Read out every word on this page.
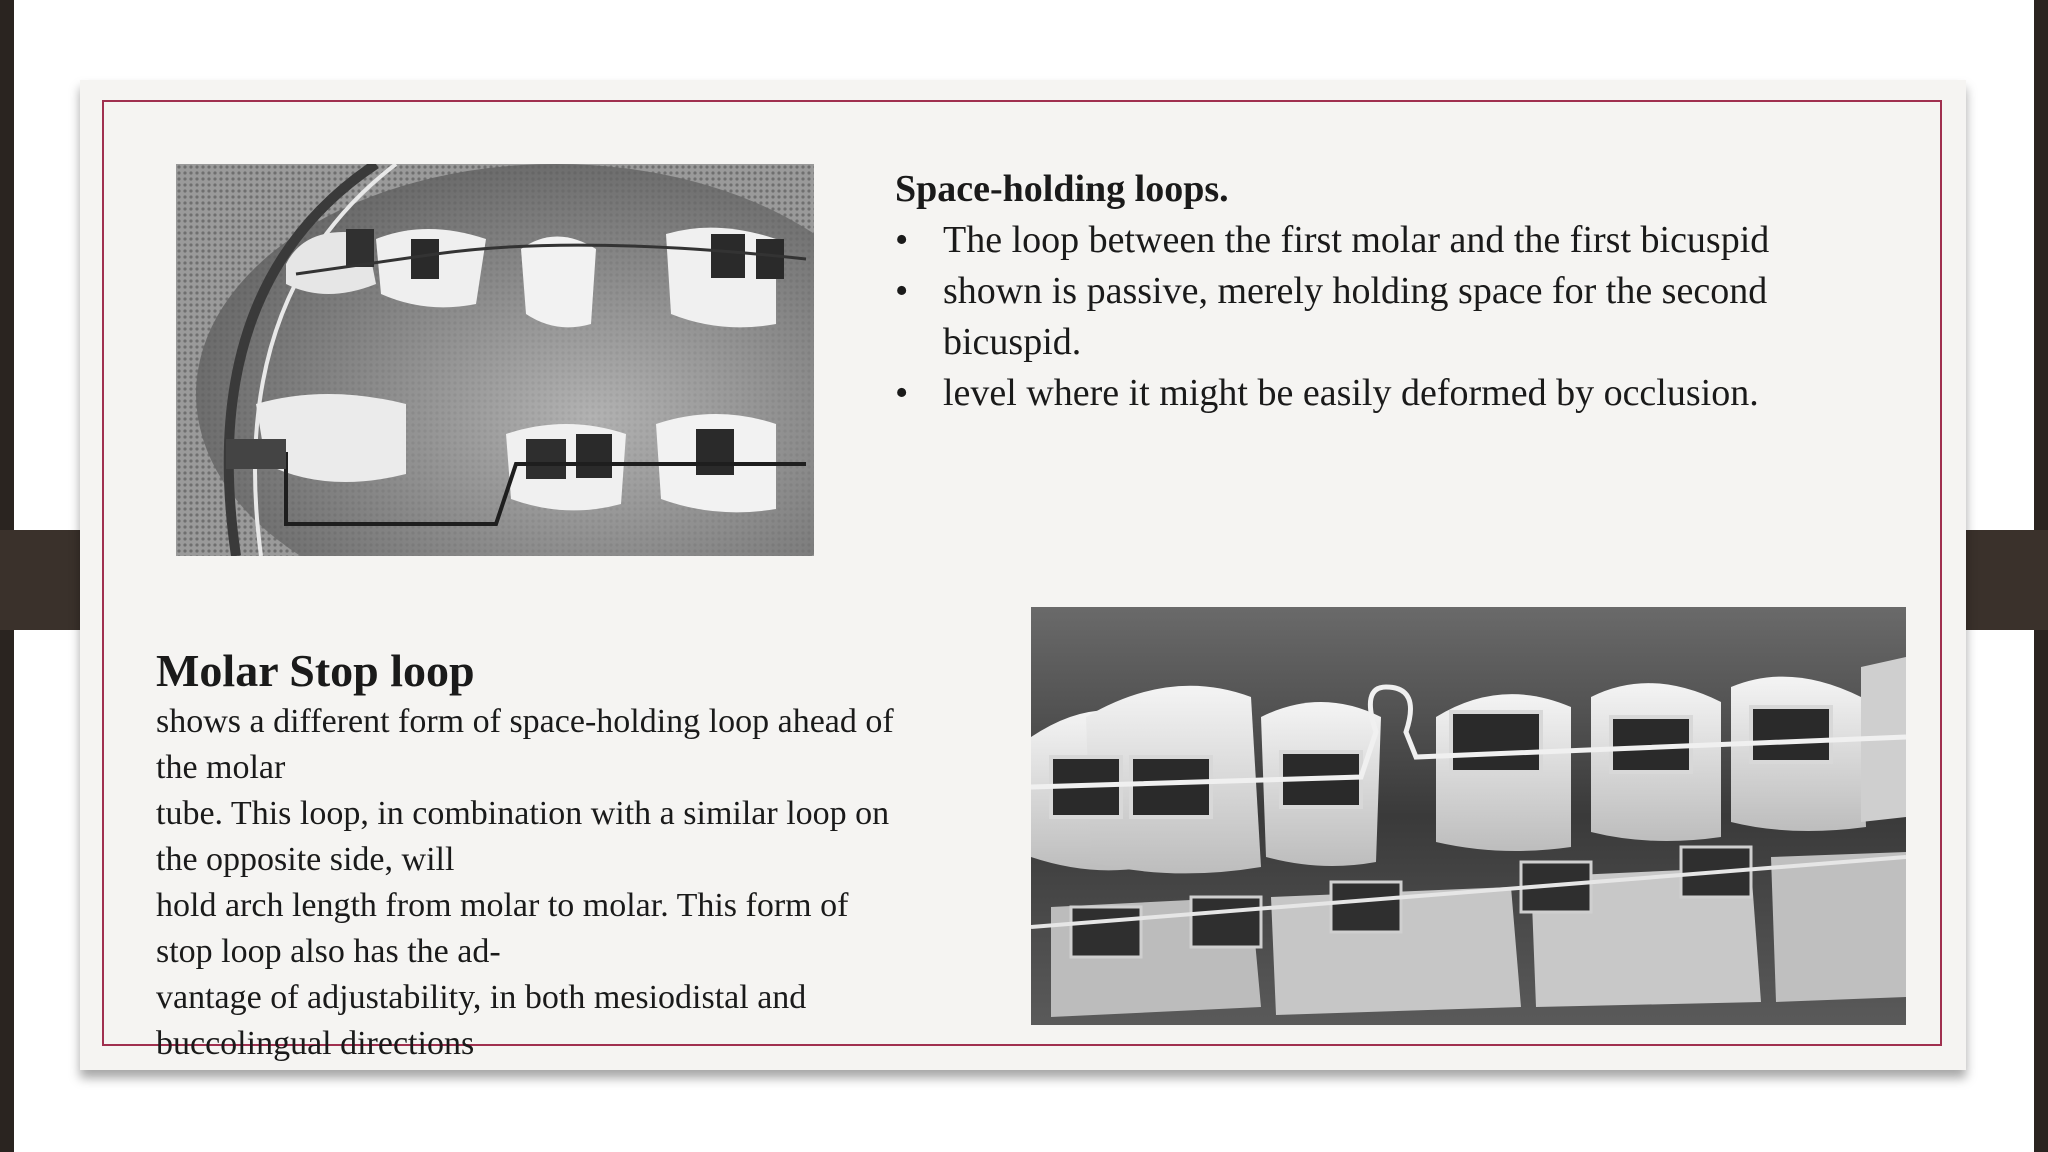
Space-holding loops.
• The loop between the first molar and the first bicuspid
• shown is passive, merely holding space for the second bicuspid.
• level where it might be easily deformed by occlusion.
Molar Stop loop
shows a different form of space-holding loop ahead of
the molar
tube. This loop, in combination with a similar loop on
the opposite side, will
hold arch length from molar to molar. This form of
stop loop also has the ad-
vantage of adjustability, in both mesiodistal and
buccolingual directions
